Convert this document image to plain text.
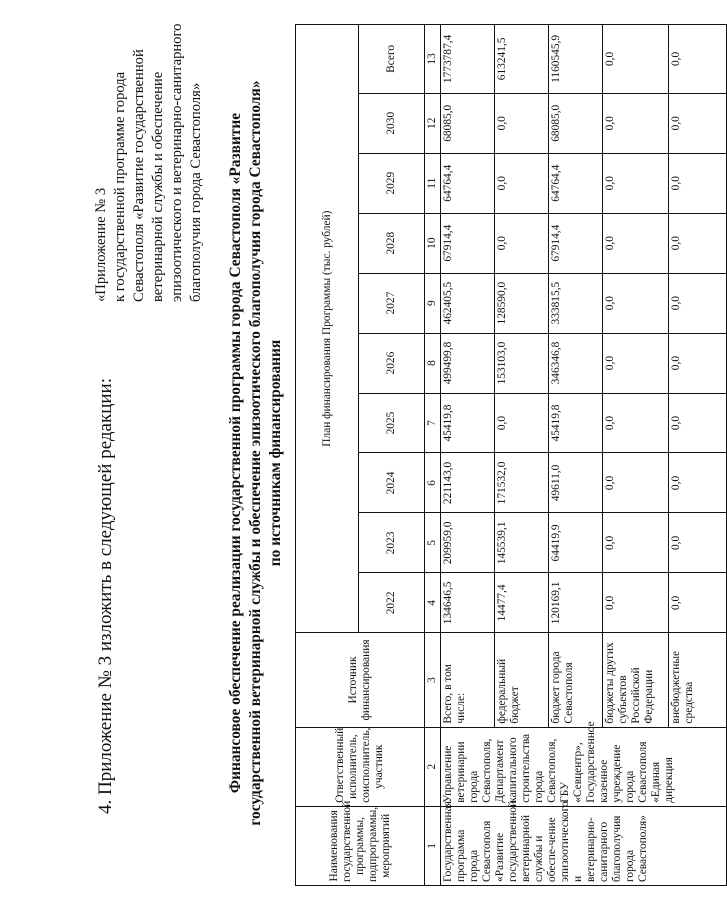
4. Приложение № 3 изложить в следующей редакции:
«Приложение № 3 к государственной программе города Севастополя «Развитие государственной ветеринарной службы и обеспечение эпизоотического и ветеринарно-санитарного благополучия города Севастополя» Финансовое обеспечение реализации государственной программы города Севастополя «Развитие государственной ветеринарной службы и обеспечение эпизоотического благополучия города Севастополя» по источникам финансирования
Наименования государственной программы, подпрограммы, мероприятий	Ответственный исполнитель, соисполнитель, участник	Источник финансирования	План финансирования Программы (тыс. рублей)									
			2022	2023	2024	2025	2026	2027	2028	2029	2030	Всего
1	2	3	4	5	6	7	8	9	10	11	12	13
Государственная программа города Севастополя «Развитие государственной ветеринарной службы и обеспе-чение эпизоотического и ветеринарно-санитарного благополучия города Севастополя»	Управление ветеринарии города Севастополя, Департамент капитального строительства города Севастополя, ГБУ «Севцентр», Государственное казенное учреждение города Севастополя «Единая дирекция	Всего, в том числе:	134646,5	209959,0	221143,0	45419,8	499499,8	462405,5	67914,4	64764,4	68085,0	1773787,4
		федеральный бюджет	14477,4	145539,1	171532,0	0,0	153103,0	128590,0	0,0	0,0	0,0	613241,5
		бюджет города Севастополя	120169,1	64419,9	49611,0	45419,8	346346,8	333815,5	67914,4	64764,4	68085,0	1160545,9
		бюджеты других субъектов Российской Федерации	0,0	0,0	0,0	0,0	0,0	0,0	0,0	0,0	0,0	0,0
		внебюджетные средства	0,0	0,0	0,0	0,0	0,0	0,0	0,0	0,0	0,0	0,0
